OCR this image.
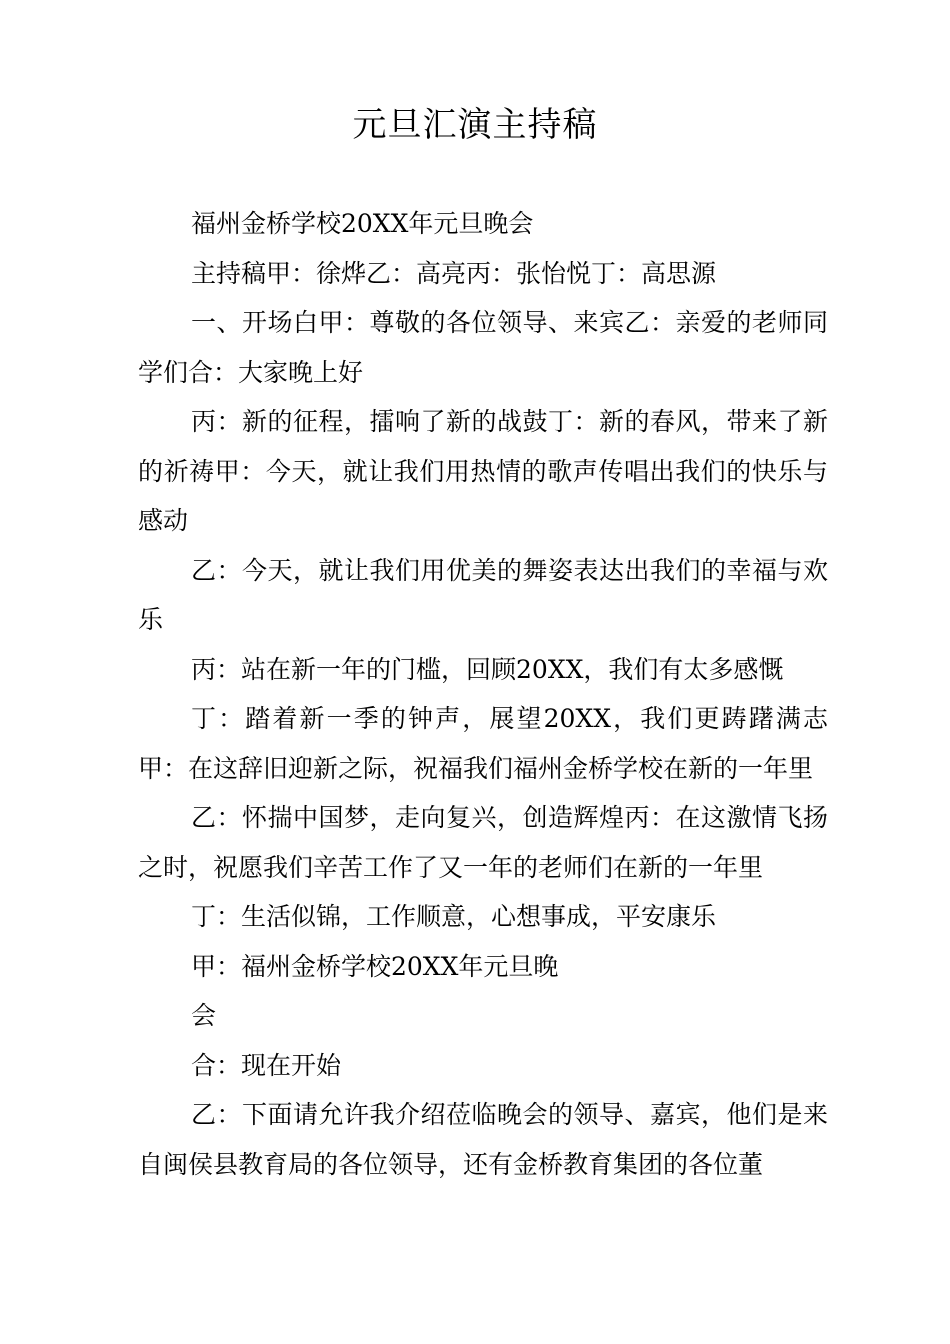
元旦汇演主持稿

福州金桥学校20XX年元旦晚会

主持稿甲：徐烨乙：高亮丙：张怡悦丁：高思源

一、开场白甲：尊敬的各位领导、来宾乙：亲爱的老师同学们合：大家晚上好

丙：新的征程，擂响了新的战鼓丁：新的春风，带来了新的祈祷甲：今天，就让我们用热情的歌声传唱出我们的快乐与感动

乙：今天，就让我们用优美的舞姿表达出我们的幸福与欢乐

丙：站在新一年的门槛，回顾20XX，我们有太多感慨

丁：踏着新一季的钟声，展望20XX，我们更踌躇满志甲：在这辞旧迎新之际，祝福我们福州金桥学校在新的一年里

乙：怀揣中国梦，走向复兴，创造辉煌丙：在这激情飞扬之时，祝愿我们辛苦工作了又一年的老师们在新的一年里

丁：生活似锦，工作顺意，心想事成，平安康乐

甲：福州金桥学校20XX年元旦晚

会

合：现在开始

乙：下面请允许我介绍莅临晚会的领导、嘉宾，他们是来自闽侯县教育局的各位领导，还有金桥教育集团的各位董
